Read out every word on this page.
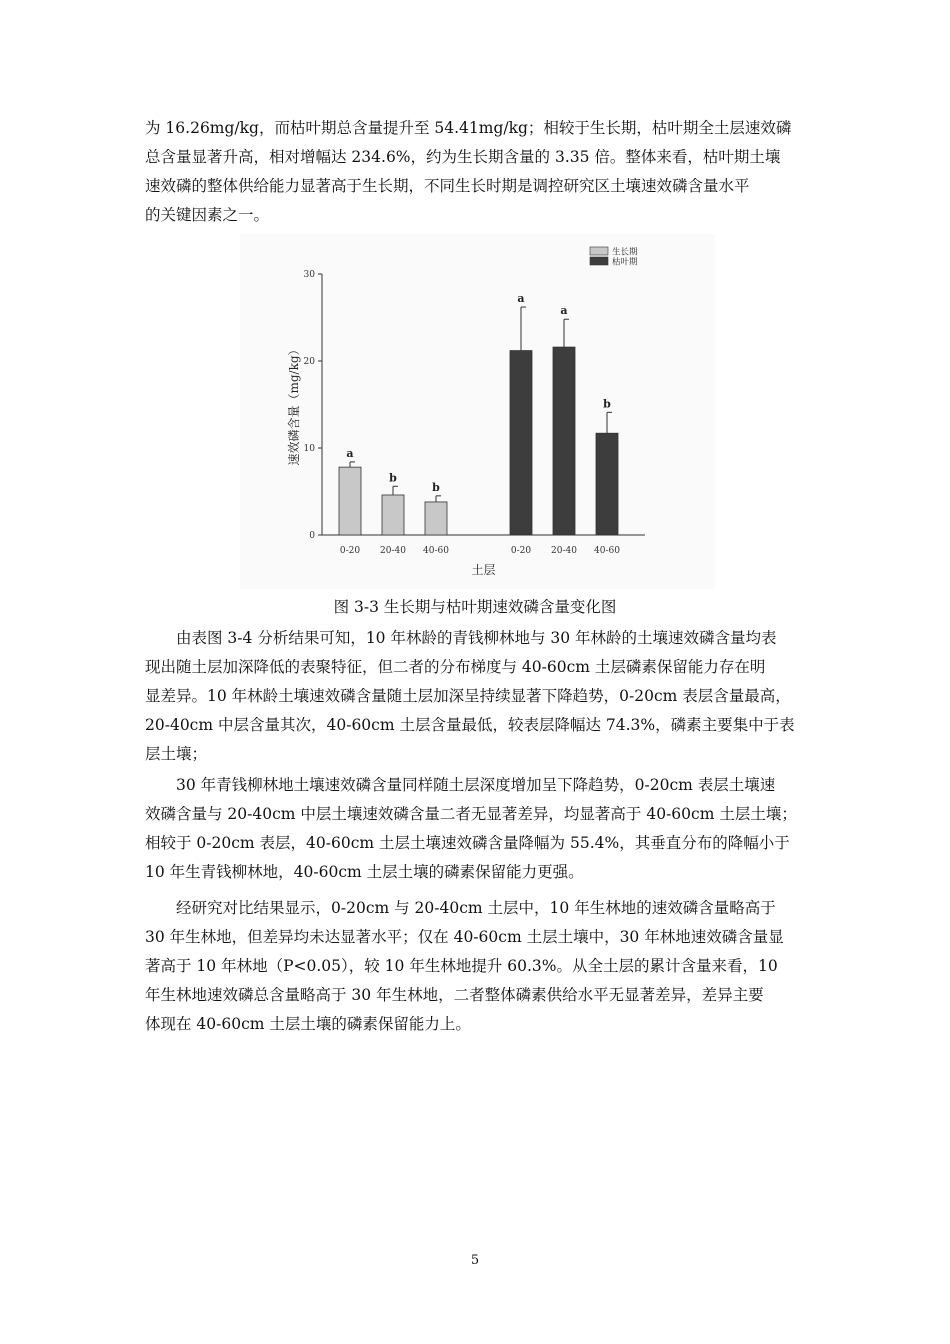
为 16.26mg/kg，而枯叶期总含量提升至 54.41mg/kg；相较于生长期，枯叶期全土层速效磷
总含量显著升高，相对增幅达 234.6%，约为生长期含量的 3.35 倍。整体来看，枯叶期土壤
速效磷的整体供给能力显著高于生长期，不同生长时期是调控研究区土壤速效磷含量水平
的关键因素之一。
0
10
20
30
速效磷含量（mg/kg）
土层
a
0-20
b
20-40
b
40-60
a
0-20
a
20-40
b
40-60
生长期
枯叶期
图 3-3 生长期与枯叶期速效磷含量变化图
由表图 3-4 分析结果可知，10 年林龄的青钱柳林地与 30 年林龄的土壤速效磷含量均表
现出随土层加深降低的表聚特征，但二者的分布梯度与 40-60cm 土层磷素保留能力存在明
显差异。10 年林龄土壤速效磷含量随土层加深呈持续显著下降趋势，0-20cm 表层含量最高，
20-40cm 中层含量其次，40-60cm 土层含量最低，较表层降幅达 74.3%，磷素主要集中于表
层土壤；
30 年青钱柳林地土壤速效磷含量同样随土层深度增加呈下降趋势，0-20cm 表层土壤速
效磷含量与 20-40cm 中层土壤速效磷含量二者无显著差异，均显著高于 40-60cm 土层土壤；
相较于 0-20cm 表层，40-60cm 土层土壤速效磷含量降幅为 55.4%，其垂直分布的降幅小于
10 年生青钱柳林地，40-60cm 土层土壤的磷素保留能力更强。
经研究对比结果显示，0-20cm 与 20-40cm 土层中，10 年生林地的速效磷含量略高于
30 年生林地，但差异均未达显著水平；仅在 40-60cm 土层土壤中，30 年林地速效磷含量显
著高于 10 年林地（P<0.05），较 10 年生林地提升 60.3%。从全土层的累计含量来看，10
年生林地速效磷总含量略高于 30 年生林地，二者整体磷素供给水平无显著差异，差异主要
体现在 40-60cm 土层土壤的磷素保留能力上。
5
